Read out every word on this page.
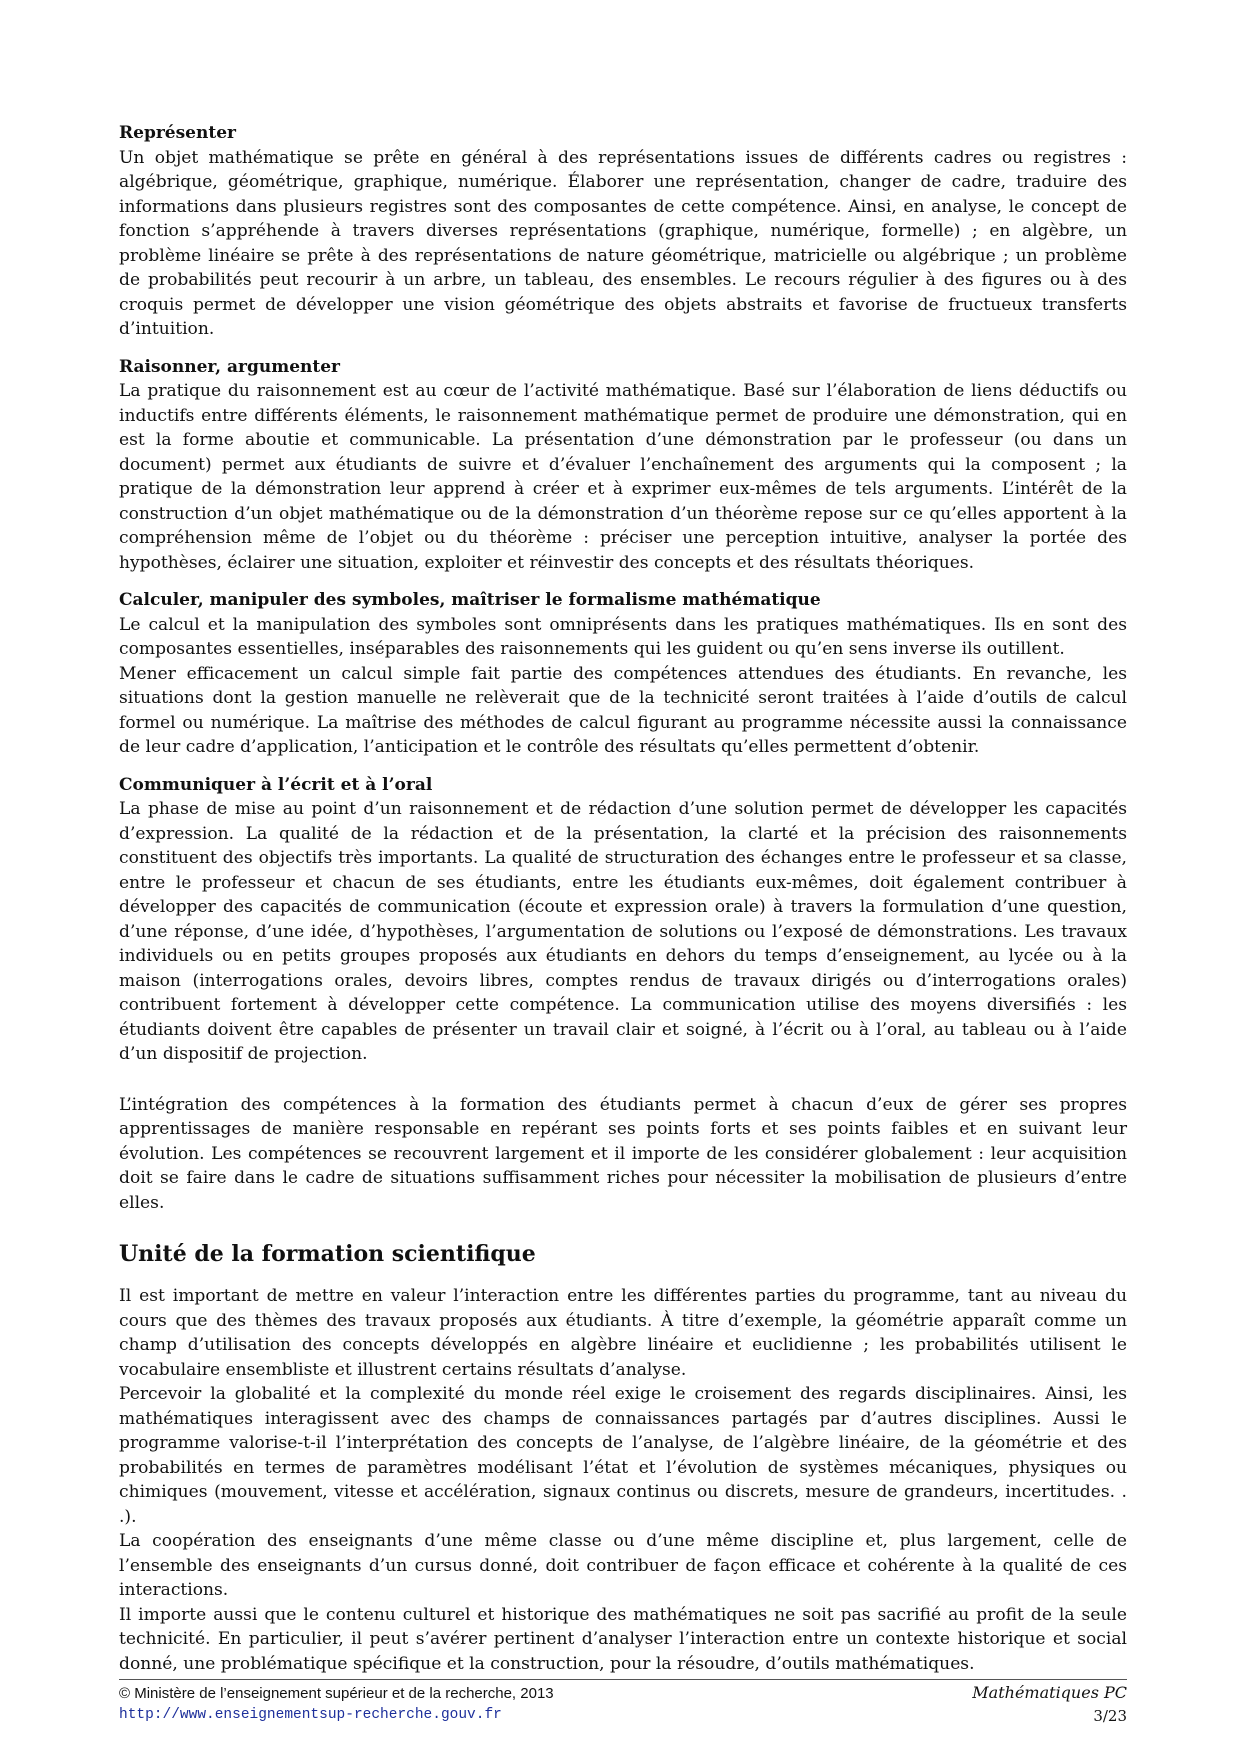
Représenter

Un objet mathématique se prête en général à des représentations issues de différents cadres ou registres : algébrique, géométrique, graphique, numérique. Élaborer une représentation, changer de cadre, traduire des informations dans plusieurs registres sont des composantes de cette compétence. Ainsi, en analyse, le concept de fonction s’appréhende à travers diverses représentations (graphique, numérique, formelle) ; en algèbre, un problème linéaire se prête à des représentations de nature géométrique, matricielle ou algébrique ; un problème de probabilités peut recourir à un arbre, un tableau, des ensembles. Le recours régulier à des figures ou à des croquis permet de développer une vision géométrique des objets abstraits et favorise de fructueux transferts d’intuition.

Raisonner, argumenter

La pratique du raisonnement est au cœur de l’activité mathématique. Basé sur l’élaboration de liens déductifs ou inductifs entre différents éléments, le raisonnement mathématique permet de produire une démonstration, qui en est la forme aboutie et communicable. La présentation d’une démonstration par le professeur (ou dans un document) permet aux étudiants de suivre et d’évaluer l’enchaînement des arguments qui la composent ; la pratique de la démonstration leur apprend à créer et à exprimer eux-mêmes de tels arguments. L’intérêt de la construction d’un objet mathématique ou de la démonstration d’un théorème repose sur ce qu’elles apportent à la compréhension même de l’objet ou du théorème : préciser une perception intuitive, analyser la portée des hypothèses, éclairer une situation, exploiter et réinvestir des concepts et des résultats théoriques.

Calculer, manipuler des symboles, maîtriser le formalisme mathématique

Le calcul et la manipulation des symboles sont omniprésents dans les pratiques mathématiques. Ils en sont des composantes essentielles, inséparables des raisonnements qui les guident ou qu’en sens inverse ils outillent.

Mener efficacement un calcul simple fait partie des compétences attendues des étudiants. En revanche, les situations dont la gestion manuelle ne relèverait que de la technicité seront traitées à l’aide d’outils de calcul formel ou numérique. La maîtrise des méthodes de calcul figurant au programme nécessite aussi la connaissance de leur cadre d’application, l’anticipation et le contrôle des résultats qu’elles permettent d’obtenir.

Communiquer à l’écrit et à l’oral

La phase de mise au point d’un raisonnement et de rédaction d’une solution permet de développer les capacités d’expression. La qualité de la rédaction et de la présentation, la clarté et la précision des raisonnements constituent des objectifs très importants. La qualité de structuration des échanges entre le professeur et sa classe, entre le professeur et chacun de ses étudiants, entre les étudiants eux-mêmes, doit également contribuer à développer des capacités de communication (écoute et expression orale) à travers la formulation d’une question, d’une réponse, d’une idée, d’hypothèses, l’argumentation de solutions ou l’exposé de démonstrations. Les travaux individuels ou en petits groupes proposés aux étudiants en dehors du temps d’enseignement, au lycée ou à la maison (interrogations orales, devoirs libres, comptes rendus de travaux dirigés ou d’interrogations orales) contribuent fortement à développer cette compétence. La communication utilise des moyens diversifiés : les étudiants doivent être capables de présenter un travail clair et soigné, à l’écrit ou à l’oral, au tableau ou à l’aide d’un dispositif de projection.

L’intégration des compétences à la formation des étudiants permet à chacun d’eux de gérer ses propres apprentissages de manière responsable en repérant ses points forts et ses points faibles et en suivant leur évolution. Les compétences se recouvrent largement et il importe de les considérer globalement : leur acquisition doit se faire dans le cadre de situations suffisamment riches pour nécessiter la mobilisation de plusieurs d’entre elles.

Unité de la formation scientifique

Il est important de mettre en valeur l’interaction entre les différentes parties du programme, tant au niveau du cours que des thèmes des travaux proposés aux étudiants. À titre d’exemple, la géométrie apparaît comme un champ d’utilisation des concepts développés en algèbre linéaire et euclidienne ; les probabilités utilisent le vocabulaire ensembliste et illustrent certains résultats d’analyse.

Percevoir la globalité et la complexité du monde réel exige le croisement des regards disciplinaires. Ainsi, les mathématiques interagissent avec des champs de connaissances partagés par d’autres disciplines. Aussi le programme valorise-t-il l’interprétation des concepts de l’analyse, de l’algèbre linéaire, de la géométrie et des probabilités en termes de paramètres modélisant l’état et l’évolution de systèmes mécaniques, physiques ou chimiques (mouvement, vitesse et accélération, signaux continus ou discrets, mesure de grandeurs, incertitudes. . .).

La coopération des enseignants d’une même classe ou d’une même discipline et, plus largement, celle de l’ensemble des enseignants d’un cursus donné, doit contribuer de façon efficace et cohérente à la qualité de ces interactions.

Il importe aussi que le contenu culturel et historique des mathématiques ne soit pas sacrifié au profit de la seule technicité. En particulier, il peut s’avérer pertinent d’analyser l’interaction entre un contexte historique et social donné, une problématique spécifique et la construction, pour la résoudre, d’outils mathématiques.

© Ministère de l’enseignement supérieur et de la recherche, 2013
http://www.enseignementsup-recherche.gouv.fr
Mathématiques PC
3/23
